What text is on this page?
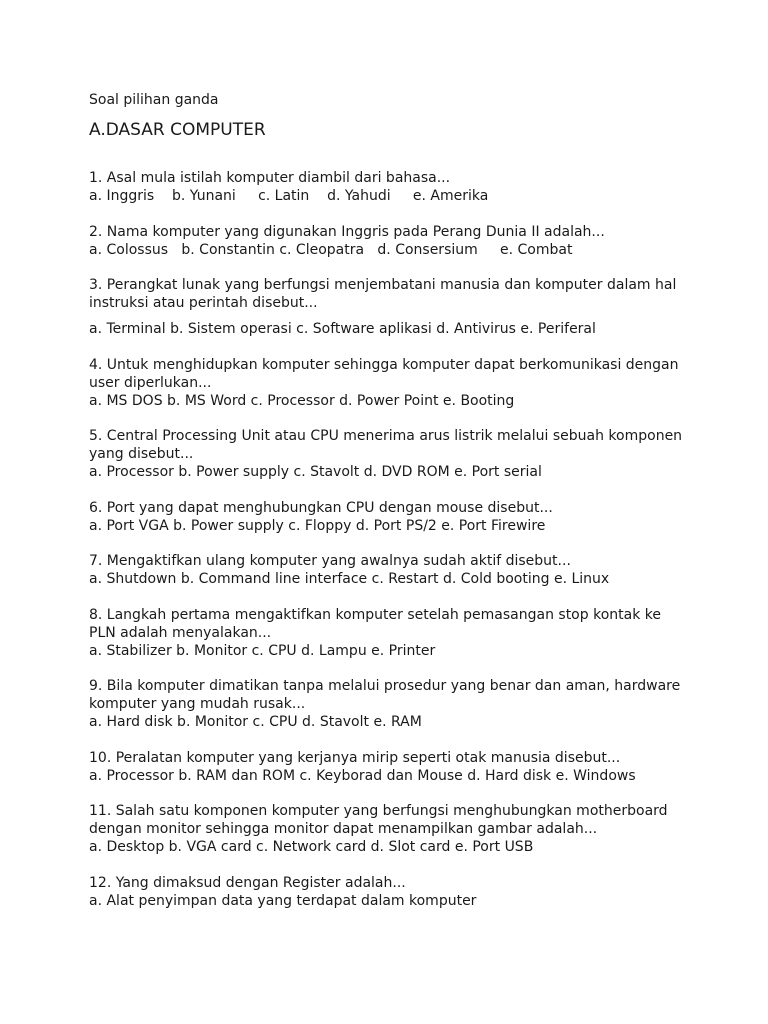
Soal pilihan ganda

A.DASAR COMPUTER

1. Asal mula istilah komputer diambil dari bahasa...

a. Inggris    b. Yunani     c. Latin    d. Yahudi     e. Amerika

2. Nama komputer yang digunakan Inggris pada Perang Dunia II adalah...

a. Colossus   b. Constantin c. Cleopatra   d. Consersium     e. Combat

3. Perangkat lunak yang berfungsi menjembatani manusia dan komputer dalam hal instruksi atau perintah disebut...

a. Terminal b. Sistem operasi c. Software aplikasi d. Antivirus e. Periferal

4. Untuk menghidupkan komputer sehingga komputer dapat berkomunikasi dengan user diperlukan...

a. MS DOS b. MS Word c. Processor d. Power Point e. Booting

5. Central Processing Unit atau CPU menerima arus listrik melalui sebuah komponen yang disebut...

a. Processor b. Power supply c. Stavolt d. DVD ROM e. Port serial

6. Port yang dapat menghubungkan CPU dengan mouse disebut...

a. Port VGA b. Power supply c. Floppy d. Port PS/2 e. Port Firewire

7. Mengaktifkan ulang komputer yang awalnya sudah aktif disebut...

a. Shutdown b. Command line interface c. Restart d. Cold booting e. Linux

8. Langkah pertama mengaktifkan komputer setelah pemasangan stop kontak ke PLN adalah menyalakan...

a. Stabilizer b. Monitor c. CPU d. Lampu e. Printer

9. Bila komputer dimatikan tanpa melalui prosedur yang benar dan aman, hardware komputer yang mudah rusak...

a. Hard disk b. Monitor c. CPU d. Stavolt e. RAM

10. Peralatan komputer yang kerjanya mirip seperti otak manusia disebut...

a. Processor b. RAM dan ROM c. Keyborad dan Mouse d. Hard disk e. Windows

11. Salah satu komponen komputer yang berfungsi menghubungkan motherboard dengan monitor sehingga monitor dapat menampilkan gambar adalah...

a. Desktop b. VGA card c. Network card d. Slot card e. Port USB

12. Yang dimaksud dengan Register adalah...

a. Alat penyimpan data yang terdapat dalam komputer
